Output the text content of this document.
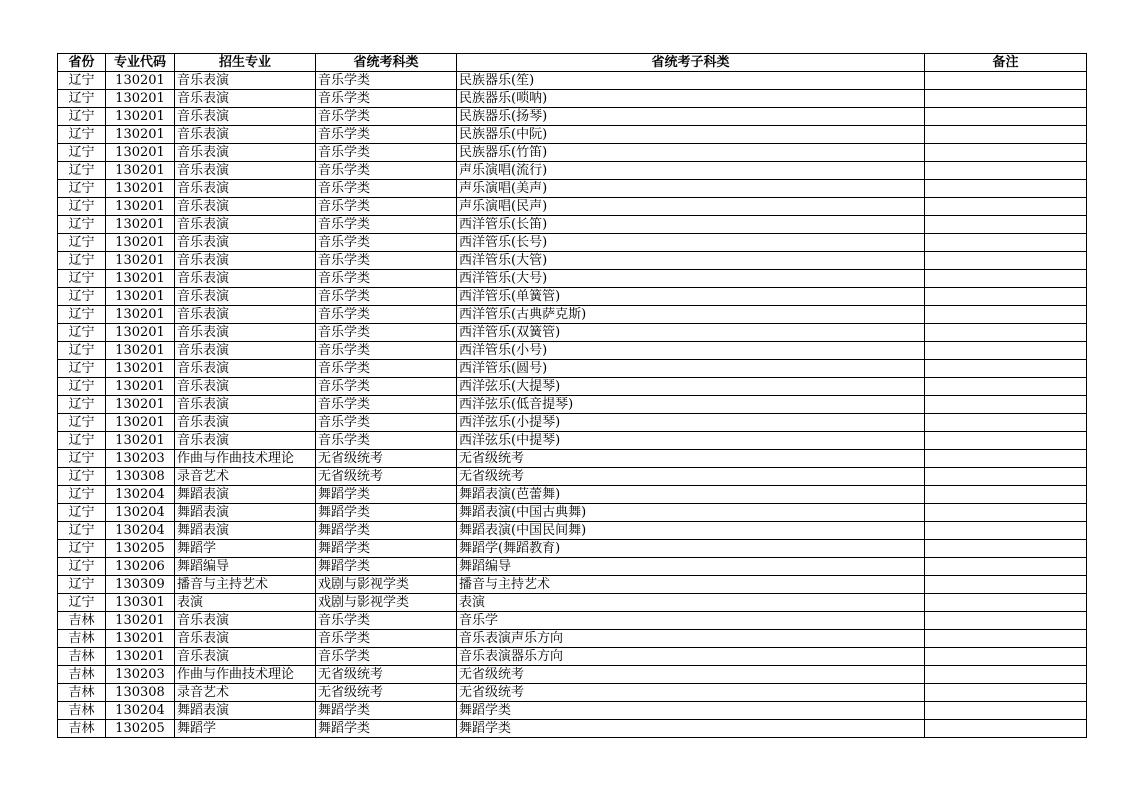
省份	专业代码	招生专业	省统考科类	省统考子科类	备注
辽宁	130201	音乐表演	音乐学类	民族器乐(笙)	
辽宁	130201	音乐表演	音乐学类	民族器乐(唢呐)	
辽宁	130201	音乐表演	音乐学类	民族器乐(扬琴)	
辽宁	130201	音乐表演	音乐学类	民族器乐(中阮)	
辽宁	130201	音乐表演	音乐学类	民族器乐(竹笛)	
辽宁	130201	音乐表演	音乐学类	声乐演唱(流行)	
辽宁	130201	音乐表演	音乐学类	声乐演唱(美声)	
辽宁	130201	音乐表演	音乐学类	声乐演唱(民声)	
辽宁	130201	音乐表演	音乐学类	西洋管乐(长笛)	
辽宁	130201	音乐表演	音乐学类	西洋管乐(长号)	
辽宁	130201	音乐表演	音乐学类	西洋管乐(大管)	
辽宁	130201	音乐表演	音乐学类	西洋管乐(大号)	
辽宁	130201	音乐表演	音乐学类	西洋管乐(单簧管)	
辽宁	130201	音乐表演	音乐学类	西洋管乐(古典萨克斯)	
辽宁	130201	音乐表演	音乐学类	西洋管乐(双簧管)	
辽宁	130201	音乐表演	音乐学类	西洋管乐(小号)	
辽宁	130201	音乐表演	音乐学类	西洋管乐(圆号)	
辽宁	130201	音乐表演	音乐学类	西洋弦乐(大提琴)	
辽宁	130201	音乐表演	音乐学类	西洋弦乐(低音提琴)	
辽宁	130201	音乐表演	音乐学类	西洋弦乐(小提琴)	
辽宁	130201	音乐表演	音乐学类	西洋弦乐(中提琴)	
辽宁	130203	作曲与作曲技术理论	无省级统考	无省级统考	
辽宁	130308	录音艺术	无省级统考	无省级统考	
辽宁	130204	舞蹈表演	舞蹈学类	舞蹈表演(芭蕾舞)	
辽宁	130204	舞蹈表演	舞蹈学类	舞蹈表演(中国古典舞)	
辽宁	130204	舞蹈表演	舞蹈学类	舞蹈表演(中国民间舞)	
辽宁	130205	舞蹈学	舞蹈学类	舞蹈学(舞蹈教育)	
辽宁	130206	舞蹈编导	舞蹈学类	舞蹈编导	
辽宁	130309	播音与主持艺术	戏剧与影视学类	播音与主持艺术	
辽宁	130301	表演	戏剧与影视学类	表演	
吉林	130201	音乐表演	音乐学类	音乐学	
吉林	130201	音乐表演	音乐学类	音乐表演声乐方向	
吉林	130201	音乐表演	音乐学类	音乐表演器乐方向	
吉林	130203	作曲与作曲技术理论	无省级统考	无省级统考	
吉林	130308	录音艺术	无省级统考	无省级统考	
吉林	130204	舞蹈表演	舞蹈学类	舞蹈学类	
吉林	130205	舞蹈学	舞蹈学类	舞蹈学类	
